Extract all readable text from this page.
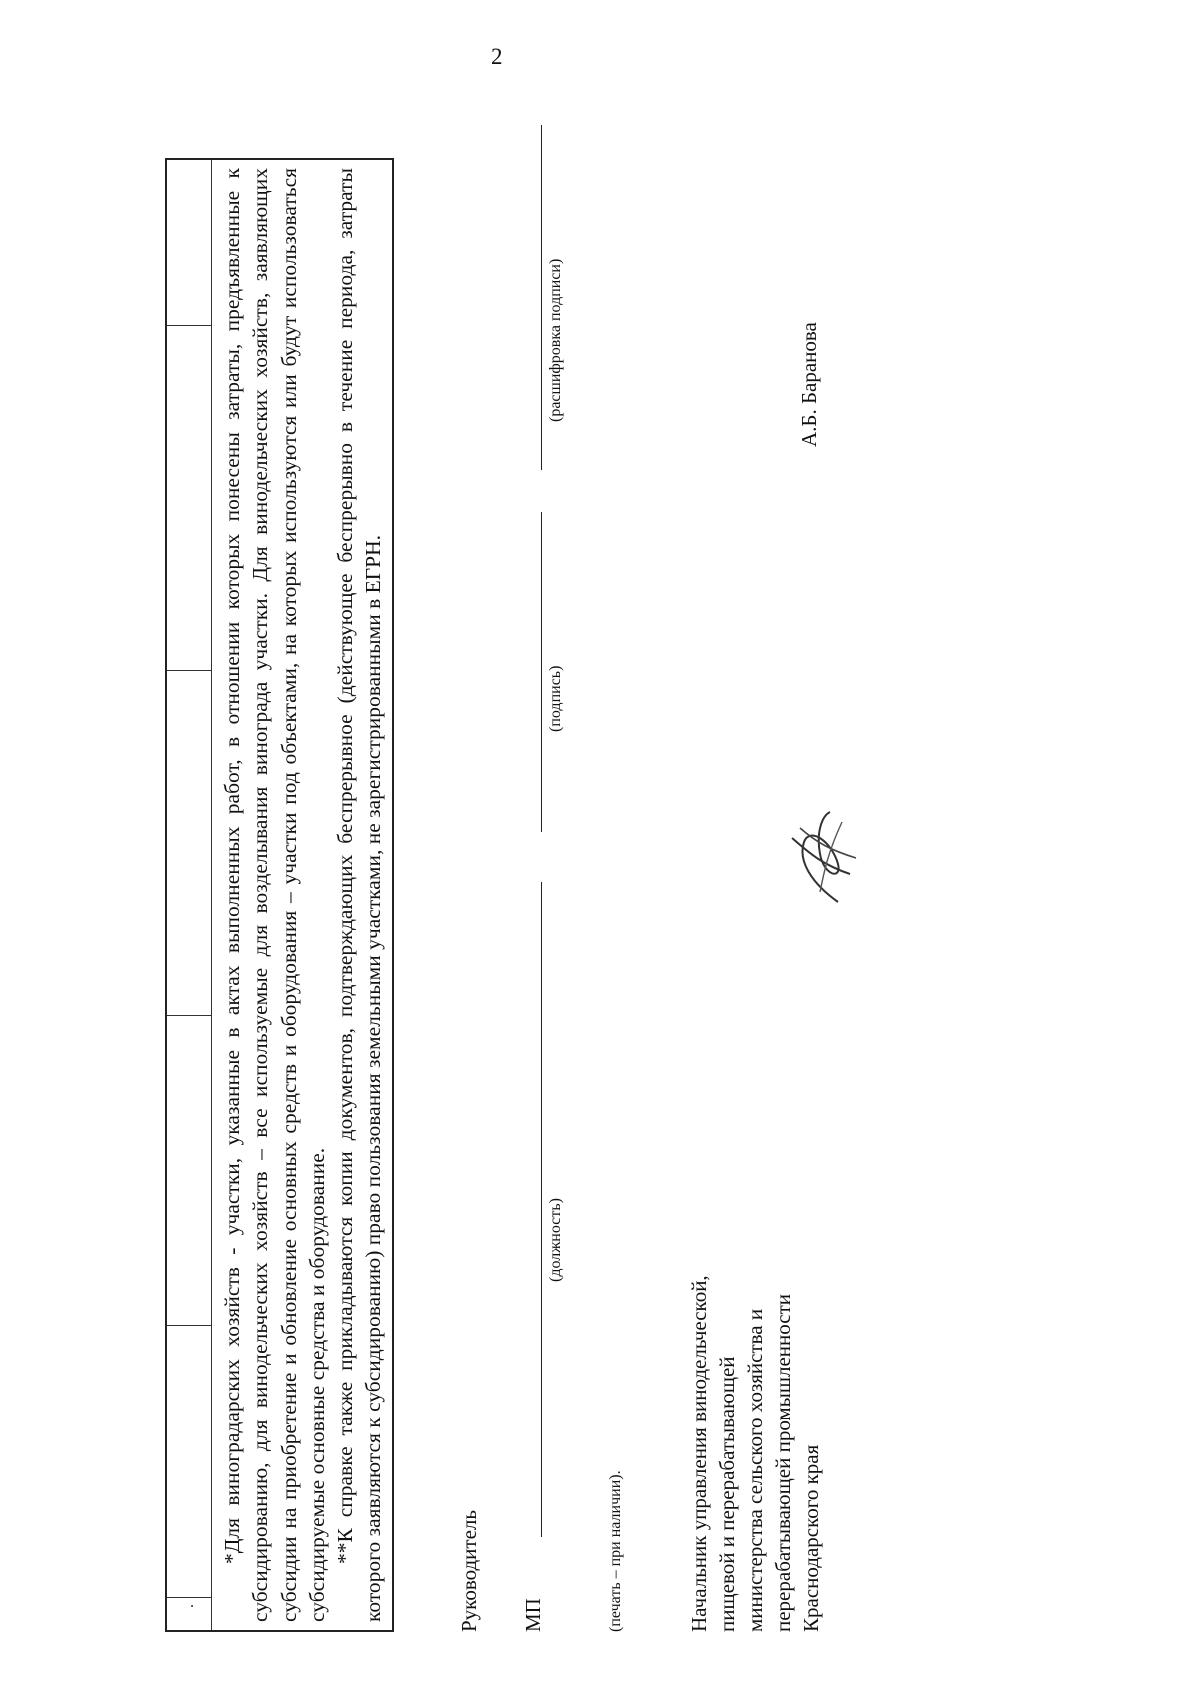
2
.

*Для виноградарских хозяйств - участки, указанные в актах выполненных работ, в отношении которых понесены затраты, предъявленные к субсидированию, для винодельческих хозяйств – все используемые для возделывания винограда участки. Для винодельческих хозяйств, заявляющих субсидии на приобретение и обновление основных средств и оборудования – участки под объектами, на которых используются или будут использоваться субсидируемые основные средства и оборудование. **К справке также прикладываются копии документов, подтверждающих беспрерывное (действующее беспрерывно в течение периода, затраты которого заявляются к субсидированию) право пользования земельными участками, не зарегистрированными в ЕГРН.	Руководитель МП
(должность)
(подпись)
(расшифровка подписи)
(печать – при наличии).	Начальник управления винодельческой, пищевой и перерабатывающей министерства сельского хозяйства и перерабатывающей промышленности Краснодарского края
А.Б. Баранова
